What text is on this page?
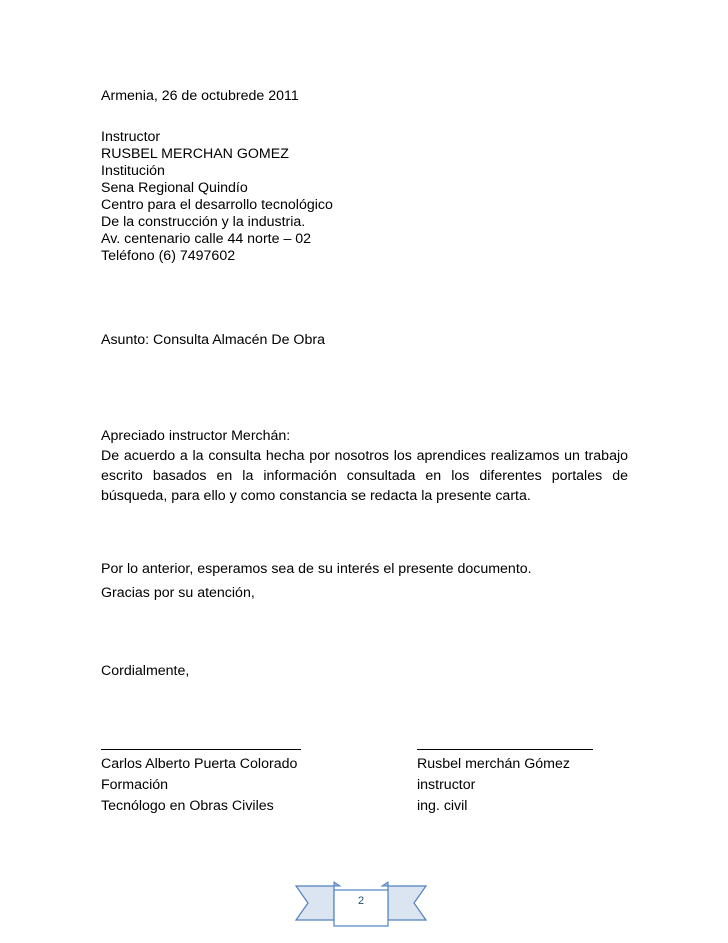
Armenia, 26 de octubrede 2011
Instructor
RUSBEL MERCHAN GOMEZ
Institución
Sena Regional Quindío
Centro para el desarrollo tecnológico
De la construcción y la industria.
Av. centenario calle 44 norte – 02
Teléfono (6) 7497602
Asunto: Consulta Almacén De Obra
Apreciado instructor Merchán:
De acuerdo a la consulta hecha por nosotros los aprendices realizamos un trabajo escrito basados en la información consultada en los diferentes portales de búsqueda, para ello y como constancia se redacta la presente carta.
Por lo anterior, esperamos sea de su interés el presente documento.
Gracias por su atención,
Cordialmente,
Carlos Alberto Puerta Colorado
Formación
Tecnólogo en Obras Civiles
Rusbel merchán Gómez
instructor
ing. civil
2
